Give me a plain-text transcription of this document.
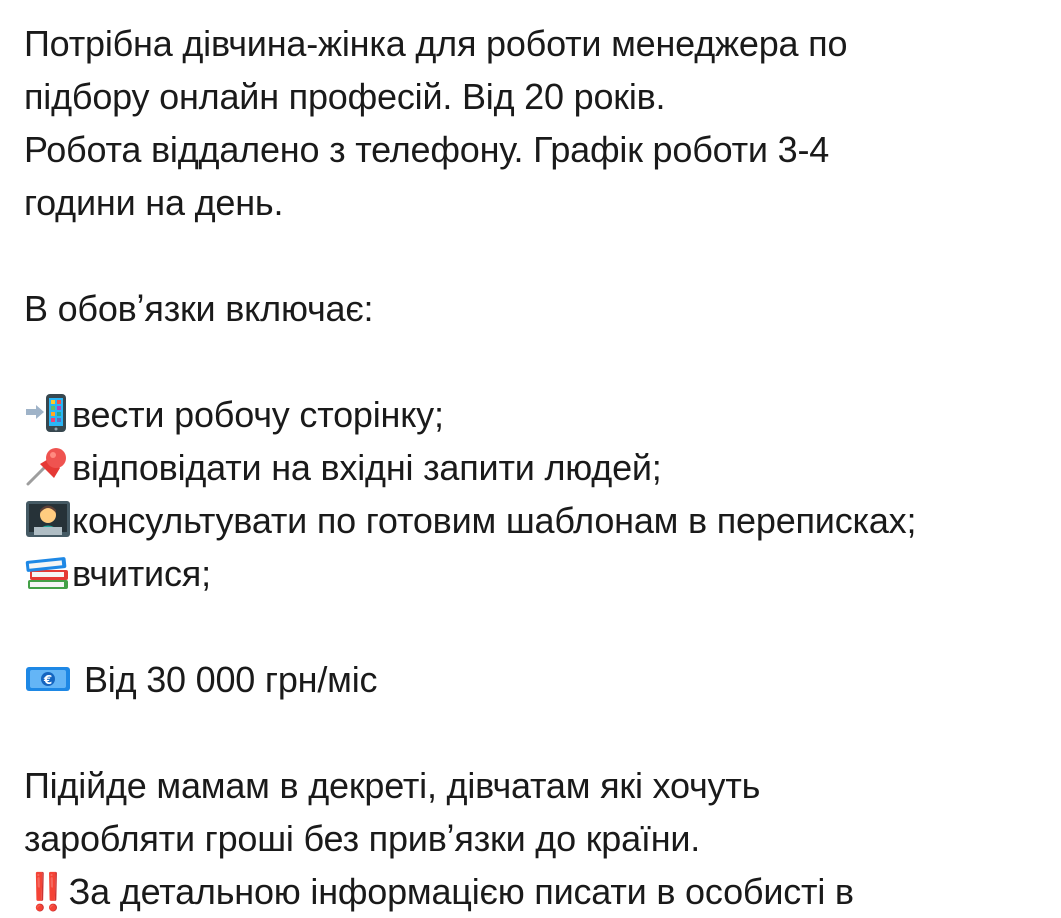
Потрібна дівчина-жінка для роботи менеджера по
підбору онлайн професій. Від 20 років.
Робота віддалено з телефону. Графік роботи 3-4
години на день.
В обовʼязки включає:
вести робочу сторінку;
відповідати на вхідні запити людей;
консультувати по готовим шаблонам в переписках;
вчитися;
€ Від 30 000 грн/міс
Підійде мамам в декреті, дівчатам які хочуть
заробляти гроші без привʼязки до країни.
‼️За детальною інформацією писати в особисті в
